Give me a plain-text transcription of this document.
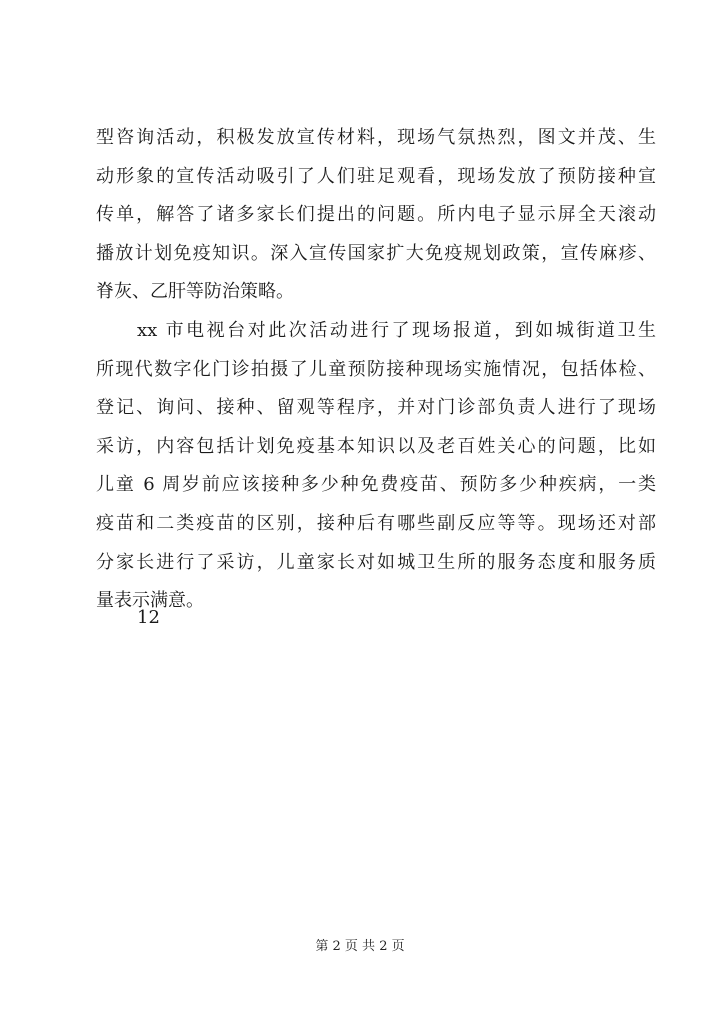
型咨询活动，积极发放宣传材料，现场气氛热烈，图文并茂、生
动形象的宣传活动吸引了人们驻足观看，现场发放了预防接种宣
传单，解答了诸多家长们提出的问题。所内电子显示屏全天滚动
播放计划免疫知识。深入宣传国家扩大免疫规划政策，宣传麻疹、
脊灰、乙肝等防治策略。
xx 市电视台对此次活动进行了现场报道，到如城街道卫生
所现代数字化门诊拍摄了儿童预防接种现场实施情况，包括体检、
登记、询问、接种、留观等程序，并对门诊部负责人进行了现场
采访，内容包括计划免疫基本知识以及老百姓关心的问题，比如
儿童 6 周岁前应该接种多少种免费疫苗、预防多少种疾病，一类
疫苗和二类疫苗的区别，接种后有哪些副反应等等。现场还对部
分家长进行了采访，儿童家长对如城卫生所的服务态度和服务质
量表示满意。
12
第 2 页 共 2 页
